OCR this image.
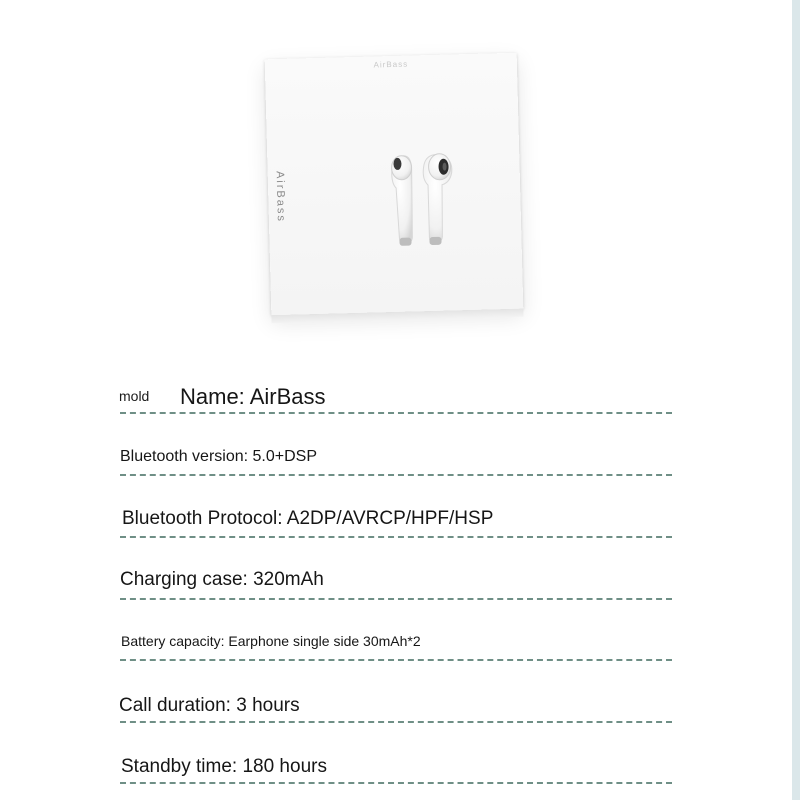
AirBass
AirBass
mold Name: AirBass
Bluetooth version: 5.0+DSP
Bluetooth Protocol: A2DP/AVRCP/HPF/HSP
Charging case: 320mAh
Battery capacity: Earphone single side 30mAh*2
Call duration: 3 hours
Standby time: 180 hours
